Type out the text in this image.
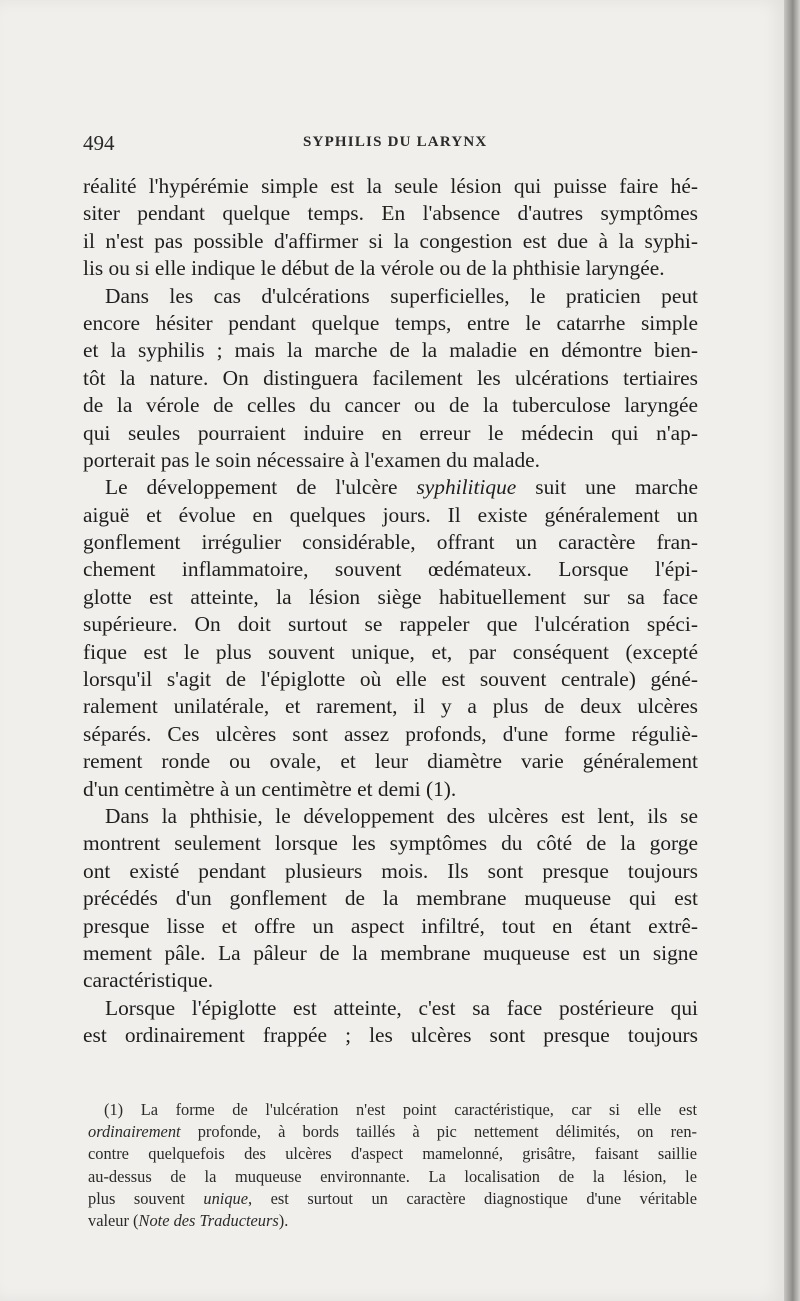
494	SYPHILIS DU LARYNX
réalité l'hypérémie simple est la seule lésion qui puisse faire hé-
siter pendant quelque temps. En l'absence d'autres symptômes
il n'est pas possible d'affirmer si la congestion est due à la syphi-
lis ou si elle indique le début de la vérole ou de la phthisie laryngée.
Dans les cas d'ulcérations superficielles, le praticien peut
encore hésiter pendant quelque temps, entre le catarrhe simple
et la syphilis ; mais la marche de la maladie en démontre bien-
tôt la nature. On distinguera facilement les ulcérations tertiaires
de la vérole de celles du cancer ou de la tuberculose laryngée
qui seules pourraient induire en erreur le médecin qui n'ap-
porterait pas le soin nécessaire à l'examen du malade.
Le développement de l'ulcère syphilitique suit une marche
aiguë et évolue en quelques jours. Il existe généralement un
gonflement irrégulier considérable, offrant un caractère fran-
chement inflammatoire, souvent œdémateux. Lorsque l'épi-
glotte est atteinte, la lésion siège habituellement sur sa face
supérieure. On doit surtout se rappeler que l'ulcération spéci-
fique est le plus souvent unique, et, par conséquent (excepté
lorsqu'il s'agit de l'épiglotte où elle est souvent centrale) géné-
ralement unilatérale, et rarement, il y a plus de deux ulcères
séparés. Ces ulcères sont assez profonds, d'une forme réguliè-
rement ronde ou ovale, et leur diamètre varie généralement
d'un centimètre à un centimètre et demi (1).
Dans la phthisie, le développement des ulcères est lent, ils se
montrent seulement lorsque les symptômes du côté de la gorge
ont existé pendant plusieurs mois. Ils sont presque toujours
précédés d'un gonflement de la membrane muqueuse qui est
presque lisse et offre un aspect infiltré, tout en étant extrê-
mement pâle. La pâleur de la membrane muqueuse est un signe
caractéristique.
Lorsque l'épiglotte est atteinte, c'est sa face postérieure qui
est ordinairement frappée ; les ulcères sont presque toujours
(1) La forme de l'ulcération n'est point caractéristique, car si elle est
ordinairement profonde, à bords taillés à pic nettement délimités, on ren-
contre quelquefois des ulcères d'aspect mamelonné, grisâtre, faisant saillie
au-dessus de la muqueuse environnante. La localisation de la lésion, le
plus souvent unique, est surtout un caractère diagnostique d'une véritable
valeur (Note des Traducteurs).
